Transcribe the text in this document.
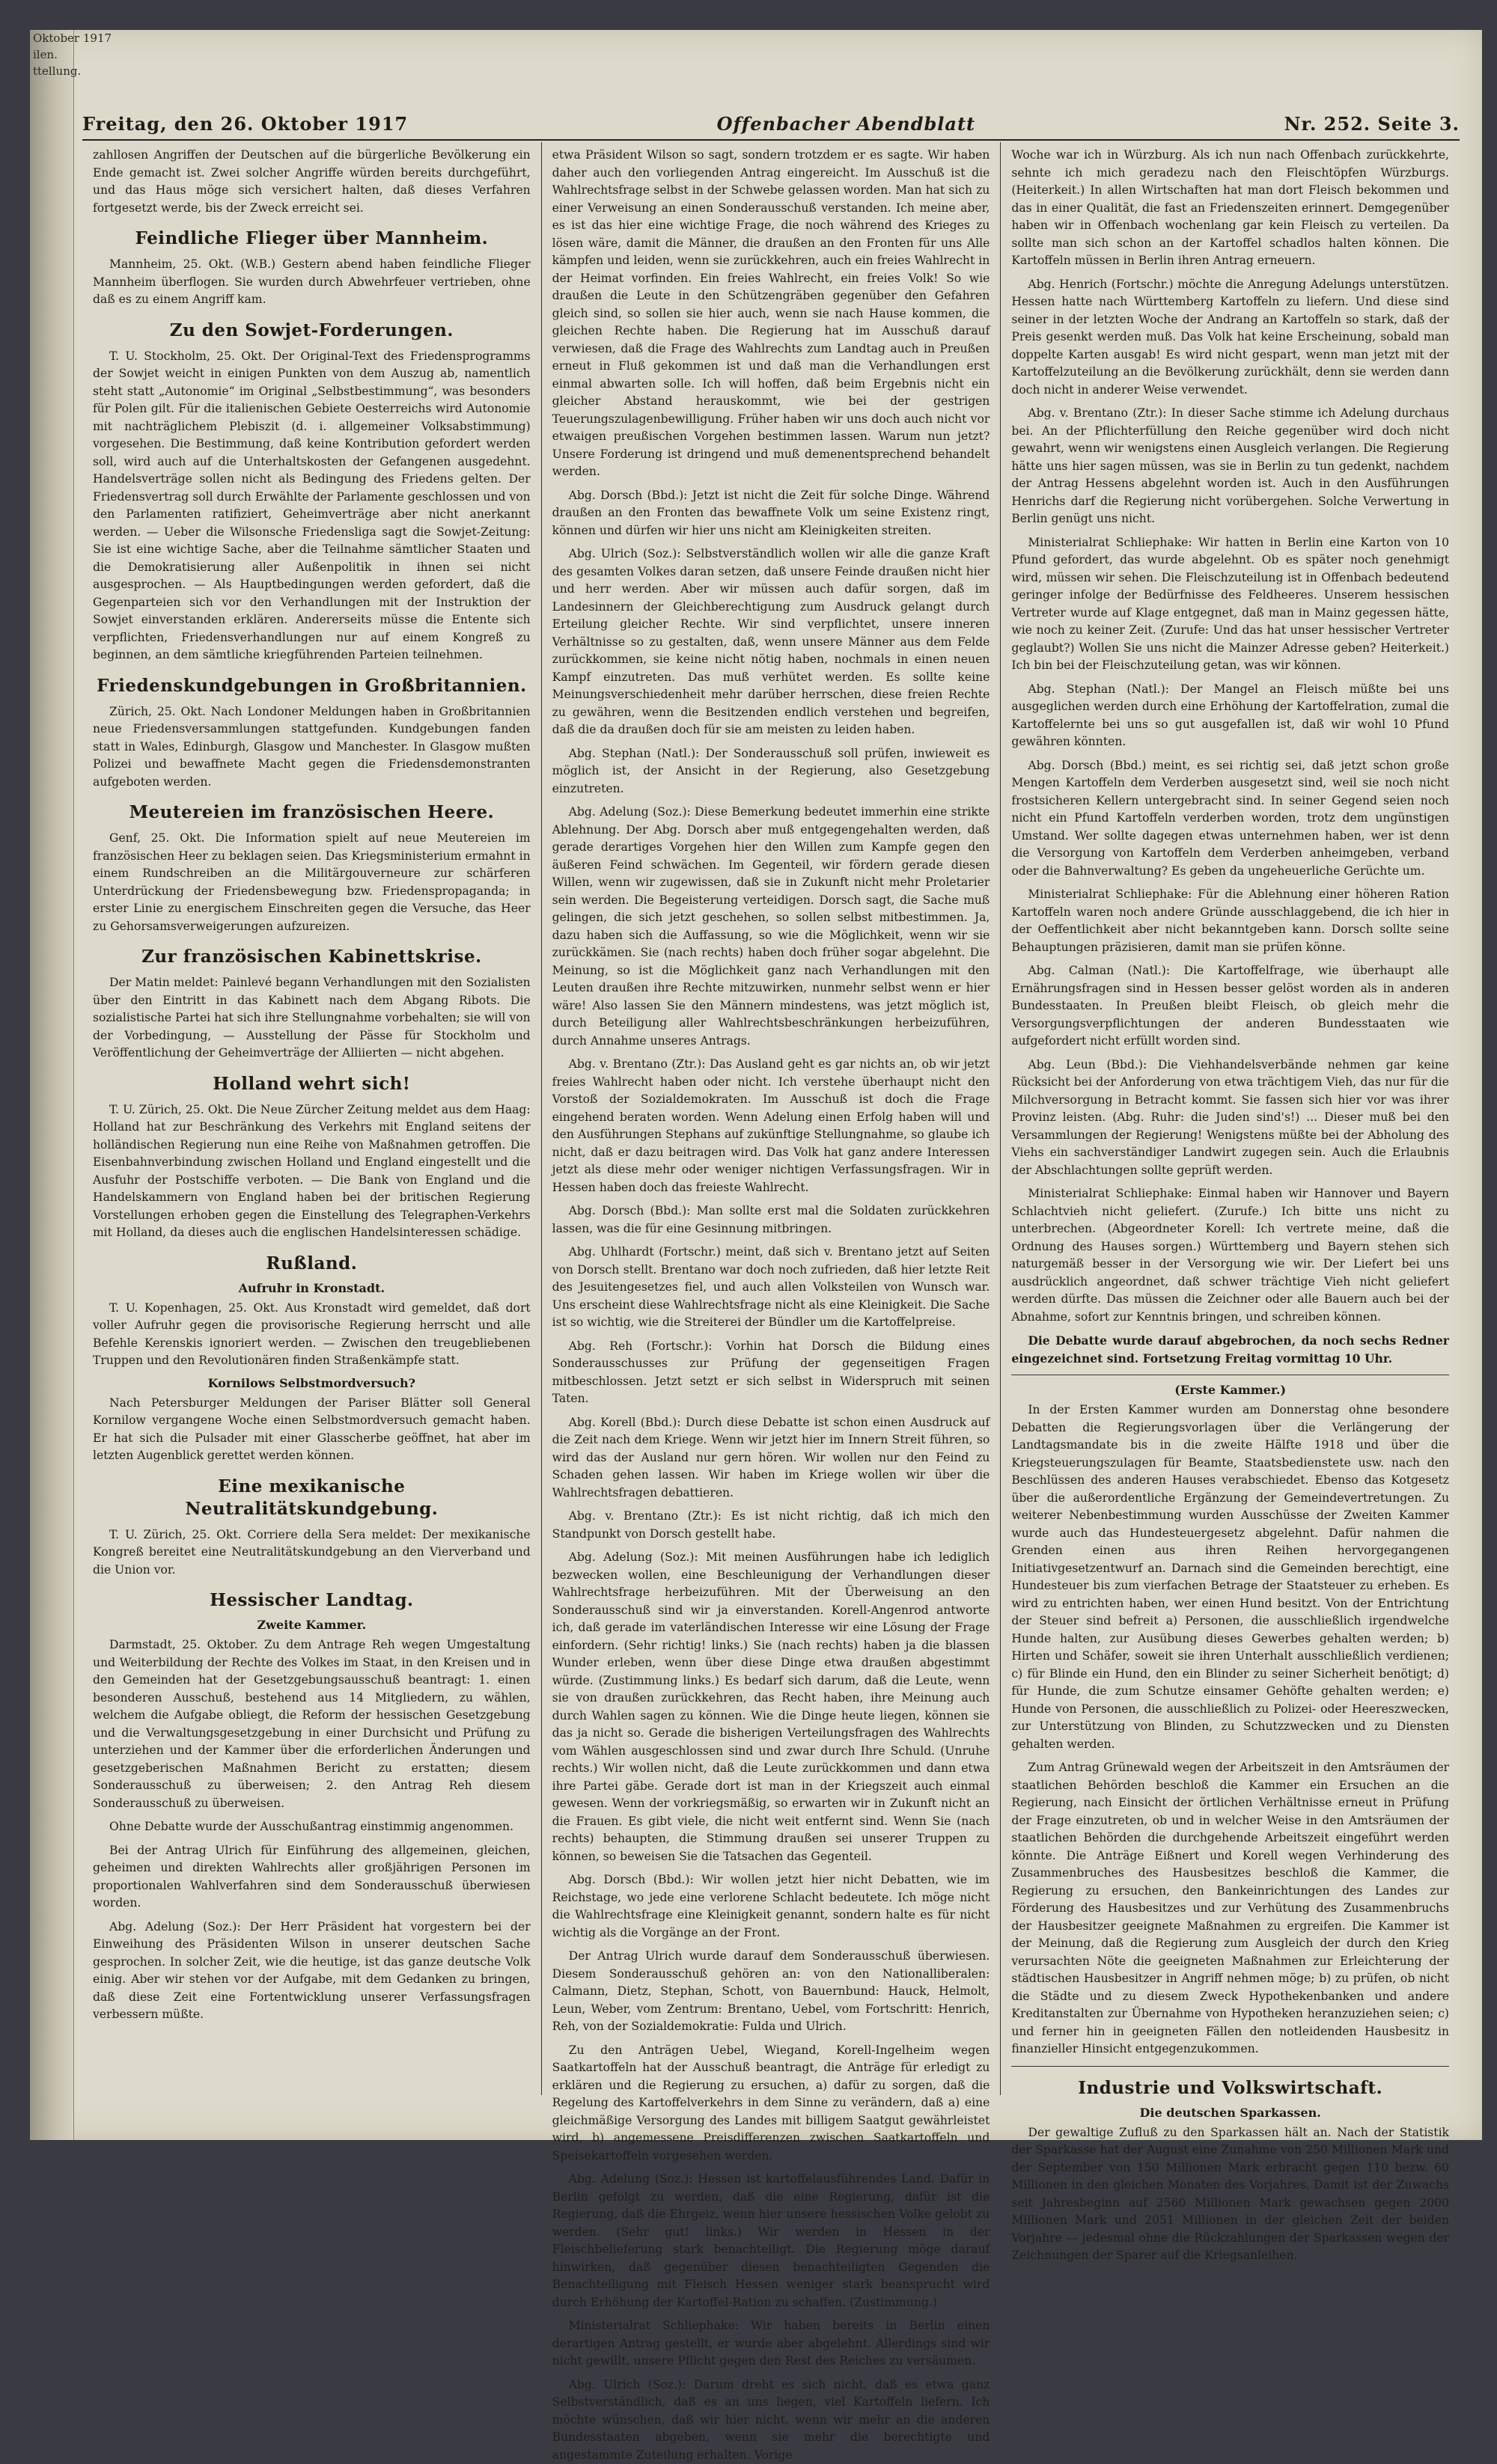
Oktober 1917
ilen.
ttellung.
Freitag, den 26. Oktober 1917	Offenbacher Abendblatt	Nr. 252. Seite 3.

zahllosen Angriffen der Deutschen auf die bürgerliche Bevölkerung ein Ende gemacht ist. Zwei solcher Angriffe würden bereits durchgeführt, und das Haus möge sich versichert halten, daß dieses Verfahren fortgesetzt werde, bis der Zweck erreicht sei.

Feindliche Flieger über Mannheim.

Mannheim, 25. Okt. (W.B.) Gestern abend haben feindliche Flieger Mannheim überflogen. Sie wurden durch Abwehrfeuer vertrieben, ohne daß es zu einem Angriff kam.

Zu den Sowjet-Forderungen.

T. U. Stockholm, 25. Okt. Der Original-Text des Friedensprogramms der Sowjet weicht in einigen Punkten von dem Auszug ab, namentlich steht statt „Autonomie“ im Original „Selbstbestimmung“, was besonders für Polen gilt. Für die italienischen Gebiete Oesterreichs wird Autonomie mit nachträglichem Plebiszit (d. i. allgemeiner Volksabstimmung) vorgesehen. Die Bestimmung, daß keine Kontribution gefordert werden soll, wird auch auf die Unterhaltskosten der Gefangenen ausgedehnt. Handelsverträge sollen nicht als Bedingung des Friedens gelten. Der Friedensvertrag soll durch Erwählte der Parlamente geschlossen und von den Parlamenten ratifiziert, Geheimverträge aber nicht anerkannt werden. — Ueber die Wilsonsche Friedensliga sagt die Sowjet-Zeitung: Sie ist eine wichtige Sache, aber die Teilnahme sämtlicher Staaten und die Demokratisierung aller Außenpolitik in ihnen sei nicht ausgesprochen. — Als Hauptbedingungen werden gefordert, daß die Gegenparteien sich vor den Verhandlungen mit der Instruktion der Sowjet einverstanden erklären. Andererseits müsse die Entente sich verpflichten, Friedensverhandlungen nur auf einem Kongreß zu beginnen, an dem sämtliche kriegführenden Parteien teilnehmen.

Friedenskundgebungen in Großbritannien.

Zürich, 25. Okt. Nach Londoner Meldungen haben in Großbritannien neue Friedensversammlungen stattgefunden. Kundgebungen fanden statt in Wales, Edinburgh, Glasgow und Manchester. In Glasgow mußten Polizei und bewaffnete Macht gegen die Friedensdemonstranten aufgeboten werden.

Meutereien im französischen Heere.

Genf, 25. Okt. Die Information spielt auf neue Meutereien im französischen Heer zu beklagen seien. Das Kriegsministerium ermahnt in einem Rundschreiben an die Militärgouverneure zur schärferen Unterdrückung der Friedensbewegung bzw. Friedenspropaganda; in erster Linie zu energischem Einschreiten gegen die Versuche, das Heer zu Gehorsamsverweigerungen aufzureizen.

Zur französischen Kabinettskrise.

Der Matin meldet: Painlevé begann Verhandlungen mit den Sozialisten über den Eintritt in das Kabinett nach dem Abgang Ribots. Die sozialistische Partei hat sich ihre Stellungnahme vorbehalten; sie will von der Vorbedingung, — Ausstellung der Pässe für Stockholm und Veröffentlichung der Geheimverträge der Alliierten — nicht abgehen.

Holland wehrt sich!

T. U. Zürich, 25. Okt. Die Neue Zürcher Zeitung meldet aus dem Haag: Holland hat zur Beschränkung des Verkehrs mit England seitens der holländischen Regierung nun eine Reihe von Maßnahmen getroffen. Die Eisenbahnverbindung zwischen Holland und England eingestellt und die Ausfuhr der Postschiffe verboten. — Die Bank von England und die Handelskammern von England haben bei der britischen Regierung Vorstellungen erhoben gegen die Einstellung des Telegraphen-Verkehrs mit Holland, da dieses auch die englischen Handelsinteressen schädige.

Rußland.
Aufruhr in Kronstadt.

T. U. Kopenhagen, 25. Okt. Aus Kronstadt wird gemeldet, daß dort voller Aufruhr gegen die provisorische Regierung herrscht und alle Befehle Kerenskis ignoriert werden. — Zwischen den treugebliebenen Truppen und den Revolutionären finden Straßenkämpfe statt.

Kornilows Selbstmordversuch?

Nach Petersburger Meldungen der Pariser Blätter soll General Kornilow vergangene Woche einen Selbstmordversuch gemacht haben. Er hat sich die Pulsader mit einer Glasscherbe geöffnet, hat aber im letzten Augenblick gerettet werden können.

Eine mexikanische Neutralitätskundgebung.

T. U. Zürich, 25. Okt. Corriere della Sera meldet: Der mexikanische Kongreß bereitet eine Neutralitätskundgebung an den Vierverband und die Union vor.

Hessischer Landtag.
Zweite Kammer.

Darmstadt, 25. Oktober. Zu dem Antrage Reh wegen Umgestaltung und Weiterbildung der Rechte des Volkes im Staat, in den Kreisen und in den Gemeinden hat der Gesetzgebungsausschuß beantragt: 1. einen besonderen Ausschuß, bestehend aus 14 Mitgliedern, zu wählen, welchem die Aufgabe obliegt, die Reform der hessischen Gesetzgebung und die Verwaltungsgesetzgebung in einer Durchsicht und Prüfung zu unterziehen und der Kammer über die erforderlichen Änderungen und gesetzgeberischen Maßnahmen Bericht zu erstatten; diesem Sonderausschuß zu überweisen; 2. den Antrag Reh diesem Sonderausschuß zu überweisen.

Ohne Debatte wurde der Ausschußantrag einstimmig angenommen.

Bei der Antrag Ulrich für Einführung des allgemeinen, gleichen, geheimen und direkten Wahlrechts aller großjährigen Personen im proportionalen Wahlverfahren sind dem Sonderausschuß überwiesen worden.

Abg. Adelung (Soz.): Der Herr Präsident hat vorgestern bei der Einweihung des Präsidenten Wilson in unserer deutschen Sache gesprochen. In solcher Zeit, wie die heutige, ist das ganze deutsche Volk einig. Aber wir stehen vor der Aufgabe, mit dem Gedanken zu bringen, daß diese Zeit eine Fortentwicklung unserer Verfassungsfragen verbessern müßte.

etwa Präsident Wilson so sagt, sondern trotzdem er es sagte. Wir haben daher auch den vorliegenden Antrag eingereicht. Im Ausschuß ist die Wahlrechtsfrage selbst in der Schwebe gelassen worden. Man hat sich zu einer Verweisung an einen Sonderausschuß verstanden. Ich meine aber, es ist das hier eine wichtige Frage, die noch während des Krieges zu lösen wäre, damit die Männer, die draußen an den Fronten für uns Alle kämpfen und leiden, wenn sie zurückkehren, auch ein freies Wahlrecht in der Heimat vorfinden. Ein freies Wahlrecht, ein freies Volk! So wie draußen die Leute in den Schützengräben gegenüber den Gefahren gleich sind, so sollen sie hier auch, wenn sie nach Hause kommen, die gleichen Rechte haben. Die Regierung hat im Ausschuß darauf verwiesen, daß die Frage des Wahlrechts zum Landtag auch in Preußen erneut in Fluß gekommen ist und daß man die Verhandlungen erst einmal abwarten solle. Ich will hoffen, daß beim Ergebnis nicht ein gleicher Abstand herauskommt, wie bei der gestrigen Teuerungszulagenbewilligung. Früher haben wir uns doch auch nicht vor etwaigen preußischen Vorgehen bestimmen lassen. Warum nun jetzt? Unsere Forderung ist dringend und muß demenentsprechend behandelt werden.

Abg. Dorsch (Bbd.): Jetzt ist nicht die Zeit für solche Dinge. Während draußen an den Fronten das bewaffnete Volk um seine Existenz ringt, können und dürfen wir hier uns nicht am Kleinigkeiten streiten.

Abg. Ulrich (Soz.): Selbstverständlich wollen wir alle die ganze Kraft des gesamten Volkes daran setzen, daß unsere Feinde draußen nicht hier und herr werden. Aber wir müssen auch dafür sorgen, daß im Landesinnern der Gleichberechtigung zum Ausdruck gelangt durch Erteilung gleicher Rechte. Wir sind verpflichtet, unsere inneren Verhältnisse so zu gestalten, daß, wenn unsere Männer aus dem Felde zurückkommen, sie keine nicht nötig haben, nochmals in einen neuen Kampf einzutreten. Das muß verhütet werden. Es sollte keine Meinungsverschiedenheit mehr darüber herrschen, diese freien Rechte zu gewähren, wenn die Besitzenden endlich verstehen und begreifen, daß die da draußen doch für sie am meisten zu leiden haben.

Abg. Stephan (Natl.): Der Sonderausschuß soll prüfen, inwieweit es möglich ist, der Ansicht in der Regierung, also Gesetzgebung einzutreten.

Abg. Adelung (Soz.): Diese Bemerkung bedeutet immerhin eine strikte Ablehnung. Der Abg. Dorsch aber muß entgegengehalten werden, daß gerade derartiges Vorgehen hier den Willen zum Kampfe gegen den äußeren Feind schwächen. Im Gegenteil, wir fördern gerade diesen Willen, wenn wir zugewissen, daß sie in Zukunft nicht mehr Proletarier sein werden. Die Begeisterung verteidigen. Dorsch sagt, die Sache muß gelingen, die sich jetzt geschehen, so sollen selbst mitbestimmen. Ja, dazu haben sich die Auffassung, so wie die Möglichkeit, wenn wir sie zurückkämen. Sie (nach rechts) haben doch früher sogar abgelehnt. Die Meinung, so ist die Möglichkeit ganz nach Verhandlungen mit den Leuten draußen ihre Rechte mitzuwirken, nunmehr selbst wenn er hier wäre! Also lassen Sie den Männern mindestens, was jetzt möglich ist, durch Beteiligung aller Wahlrechtsbeschränkungen herbeizuführen, durch Annahme unseres Antrags.

Abg. v. Brentano (Ztr.): Das Ausland geht es gar nichts an, ob wir jetzt freies Wahlrecht haben oder nicht. Ich verstehe überhaupt nicht den Vorstoß der Sozialdemokraten. Im Ausschuß ist doch die Frage eingehend beraten worden. Wenn Adelung einen Erfolg haben will und den Ausführungen Stephans auf zukünftige Stellungnahme, so glaube ich nicht, daß er dazu beitragen wird. Das Volk hat ganz andere Interessen jetzt als diese mehr oder weniger nichtigen Verfassungsfragen. Wir in Hessen haben doch das freieste Wahlrecht.

Abg. Dorsch (Bbd.): Man sollte erst mal die Soldaten zurückkehren lassen, was die für eine Gesinnung mitbringen.

Abg. Uhlhardt (Fortschr.) meint, daß sich v. Brentano jetzt auf Seiten von Dorsch stellt. Brentano war doch noch zufrieden, daß hier letzte Reit des Jesuitengesetzes fiel, und auch allen Volksteilen von Wunsch war. Uns erscheint diese Wahlrechtsfrage nicht als eine Kleinigkeit. Die Sache ist so wichtig, wie die Streiterei der Bündler um die Kartoffelpreise.

Abg. Reh (Fortschr.): Vorhin hat Dorsch die Bildung eines Sonderausschusses zur Prüfung der gegenseitigen Fragen mitbeschlossen. Jetzt setzt er sich selbst in Widerspruch mit seinen Taten.

Abg. Korell (Bbd.): Durch diese Debatte ist schon einen Ausdruck auf die Zeit nach dem Kriege. Wenn wir jetzt hier im Innern Streit führen, so wird das der Ausland nur gern hören. Wir wollen nur den Feind zu Schaden gehen lassen. Wir haben im Kriege wollen wir über die Wahlrechtsfragen debattieren.

Abg. v. Brentano (Ztr.): Es ist nicht richtig, daß ich mich den Standpunkt von Dorsch gestellt habe.

Abg. Adelung (Soz.): Mit meinen Ausführungen habe ich lediglich bezwecken wollen, eine Beschleunigung der Verhandlungen dieser Wahlrechtsfrage herbeizuführen. Mit der Überweisung an den Sonderausschuß sind wir ja einverstanden. Korell-Angenrod antworte ich, daß gerade im vaterländischen Interesse wir eine Lösung der Frage einfordern. (Sehr richtig! links.) Sie (nach rechts) haben ja die blassen Wunder erleben, wenn über diese Dinge etwa draußen abgestimmt würde. (Zustimmung links.) Es bedarf sich darum, daß die Leute, wenn sie von draußen zurückkehren, das Recht haben, ihre Meinung auch durch Wahlen sagen zu können. Wie die Dinge heute liegen, können sie das ja nicht so. Gerade die bisherigen Verteilungsfragen des Wahlrechts vom Wählen ausgeschlossen sind und zwar durch Ihre Schuld. (Unruhe rechts.) Wir wollen nicht, daß die Leute zurückkommen und dann etwa ihre Partei gäbe. Gerade dort ist man in der Kriegszeit auch einmal gewesen. Wenn der vorkriegsmäßig, so erwarten wir in Zukunft nicht an die Frauen. Es gibt viele, die nicht weit entfernt sind. Wenn Sie (nach rechts) behaupten, die Stimmung draußen sei unserer Truppen zu können, so beweisen Sie die Tatsachen das Gegenteil.

Abg. Dorsch (Bbd.): Wir wollen jetzt hier nicht Debatten, wie im Reichstage, wo jede eine verlorene Schlacht bedeutete. Ich möge nicht die Wahlrechtsfrage eine Kleinigkeit genannt, sondern halte es für nicht wichtig als die Vorgänge an der Front.

Der Antrag Ulrich wurde darauf dem Sonderausschuß überwiesen. Diesem Sonderausschuß gehören an: von den Nationalliberalen: Calmann, Dietz, Stephan, Schott, von Bauernbund: Hauck, Helmolt, Leun, Weber, vom Zentrum: Brentano, Uebel, vom Fortschritt: Henrich, Reh, von der Sozialdemokratie: Fulda und Ulrich.

Zu den Anträgen Uebel, Wiegand, Korell-Ingelheim wegen Saatkartoffeln hat der Ausschuß beantragt, die Anträge für erledigt zu erklären und die Regierung zu ersuchen, a) dafür zu sorgen, daß die Regelung des Kartoffelverkehrs in dem Sinne zu verändern, daß a) eine gleichmäßige Versorgung des Landes mit billigem Saatgut gewährleistet wird, b) angemessene Preisdifferenzen zwischen Saatkartoffeln und Speisekartoffeln vorgesehen werden.

Abg. Adelung (Soz.): Hessen ist kartoffelausführendes Land. Dafür in Berlin gefolgt zu werden, daß die eine Regierung, dafür ist die Regierung, daß die Ehrgeiz, wenn hier unsere hessischen Volke gelobt zu werden. (Sehr gut! links.) Wir werden in Hessen in der Fleischbelieferung stark benachteiligt. Die Regierung möge darauf hinwirken, daß gegenüber diesen benachteiligten Gegenden die Benachteiligung mit Fleisch Hessen weniger stark beansprucht wird durch Erhöhung der Kartoffel-Ration zu schaffen. (Zustimmung.)

Ministerialrat Schliephake: Wir haben bereits in Berlin einen derartigen Antrag gestellt, er wurde aber abgelehnt. Allerdings sind wir nicht gewillt, unsere Pflicht gegen den Rest des Reiches zu versäumen.

Abg. Ulrich (Soz.): Darum dreht es sich nicht, daß es etwa ganz Selbstverständlich, daß es an uns liegen, viel Kartoffeln liefern. Ich möchte wünschen, daß wir hier nicht, wenn wir mehr an die anderen Bundesstaaten abgeben, wenn sie mehr die berechtigte und angestammte Zuteilung erhalten. Vorige

Woche war ich in Würzburg. Als ich nun nach Offenbach zurückkehrte, sehnte ich mich geradezu nach den Fleischtöpfen Würzburgs. (Heiterkeit.) In allen Wirtschaften hat man dort Fleisch bekommen und das in einer Qualität, die fast an Friedenszeiten erinnert. Demgegenüber haben wir in Offenbach wochenlang gar kein Fleisch zu verteilen. Da sollte man sich schon an der Kartoffel schadlos halten können. Die Kartoffeln müssen in Berlin ihren Antrag erneuern.

Abg. Henrich (Fortschr.) möchte die Anregung Adelungs unterstützen. Hessen hatte nach Württemberg Kartoffeln zu liefern. Und diese sind seiner in der letzten Woche der Andrang an Kartoffeln so stark, daß der Preis gesenkt werden muß. Das Volk hat keine Erscheinung, sobald man doppelte Karten ausgab! Es wird nicht gespart, wenn man jetzt mit der Kartoffelzuteilung an die Bevölkerung zurückhält, denn sie werden dann doch nicht in anderer Weise verwendet.

Abg. v. Brentano (Ztr.): In dieser Sache stimme ich Adelung durchaus bei. An der Pflichterfüllung den Reiche gegenüber wird doch nicht gewahrt, wenn wir wenigstens einen Ausgleich verlangen. Die Regierung hätte uns hier sagen müssen, was sie in Berlin zu tun gedenkt, nachdem der Antrag Hessens abgelehnt worden ist. Auch in den Ausführungen Henrichs darf die Regierung nicht vorübergehen. Solche Verwertung in Berlin genügt uns nicht.

Ministerialrat Schliephake: Wir hatten in Berlin eine Karton von 10 Pfund gefordert, das wurde abgelehnt. Ob es später noch genehmigt wird, müssen wir sehen. Die Fleischzuteilung ist in Offenbach bedeutend geringer infolge der Bedürfnisse des Feldheeres. Unserem hessischen Vertreter wurde auf Klage entgegnet, daß man in Mainz gegessen hätte, wie noch zu keiner Zeit. (Zurufe: Und das hat unser hessischer Vertreter geglaubt?) Wollen Sie uns nicht die Mainzer Adresse geben? Heiterkeit.) Ich bin bei der Fleischzuteilung getan, was wir können.

Abg. Stephan (Natl.): Der Mangel an Fleisch müßte bei uns ausgeglichen werden durch eine Erhöhung der Kartoffelration, zumal die Kartoffelernte bei uns so gut ausgefallen ist, daß wir wohl 10 Pfund gewähren könnten.

Abg. Dorsch (Bbd.) meint, es sei richtig sei, daß jetzt schon große Mengen Kartoffeln dem Verderben ausgesetzt sind, weil sie noch nicht frostsicheren Kellern untergebracht sind. In seiner Gegend seien noch nicht ein Pfund Kartoffeln verderben worden, trotz dem ungünstigen Umstand. Wer sollte dagegen etwas unternehmen haben, wer ist denn die Versorgung von Kartoffeln dem Verderben anheimgeben, verband oder die Bahnverwaltung? Es geben da ungeheuerliche Gerüchte um.

Ministerialrat Schliephake: Für die Ablehnung einer höheren Ration Kartoffeln waren noch andere Gründe ausschlaggebend, die ich hier in der Oeffentlichkeit aber nicht bekanntgeben kann. Dorsch sollte seine Behauptungen präzisieren, damit man sie prüfen könne.

Abg. Calman (Natl.): Die Kartoffelfrage, wie überhaupt alle Ernährungsfragen sind in Hessen besser gelöst worden als in anderen Bundesstaaten. In Preußen bleibt Fleisch, ob gleich mehr die Versorgungsverpflichtungen der anderen Bundesstaaten wie aufgefordert nicht erfüllt worden sind.

Abg. Leun (Bbd.): Die Viehhandelsverbände nehmen gar keine Rücksicht bei der Anforderung von etwa trächtigem Vieh, das nur für die Milchversorgung in Betracht kommt. Sie fassen sich hier vor was ihrer Provinz leisten. (Abg. Ruhr: die Juden sind's!) ... Dieser muß bei den Versammlungen der Regierung! Wenigstens müßte bei der Abholung des Viehs ein sachverständiger Landwirt zugegen sein. Auch die Erlaubnis der Abschlachtungen sollte geprüft werden.

Ministerialrat Schliephake: Einmal haben wir Hannover und Bayern Schlachtvieh nicht geliefert. (Zurufe.) Ich bitte uns nicht zu unterbrechen. (Abgeordneter Korell: Ich vertrete meine, daß die Ordnung des Hauses sorgen.) Württemberg und Bayern stehen sich naturgemäß besser in der Versorgung wie wir. Der Liefert bei uns ausdrücklich angeordnet, daß schwer trächtige Vieh nicht geliefert werden dürfte. Das müssen die Zeichner oder alle Bauern auch bei der Abnahme, sofort zur Kenntnis bringen, und schreiben können.

Die Debatte wurde darauf abgebrochen, da noch sechs Redner eingezeichnet sind. Fortsetzung Freitag vormittag 10 Uhr.

(Erste Kammer.)

In der Ersten Kammer wurden am Donnerstag ohne besondere Debatten die Regierungsvorlagen über die Verlängerung der Landtagsmandate bis in die zweite Hälfte 1918 und über die Kriegsteuerungszulagen für Beamte, Staatsbedienstete usw. nach den Beschlüssen des anderen Hauses verabschiedet. Ebenso das Kotgesetz über die außerordentliche Ergänzung der Gemeindevertretungen. Zu weiterer Nebenbestimmung wurden Ausschüsse der Zweiten Kammer wurde auch das Hundesteuergesetz abgelehnt. Dafür nahmen die Grenden einen aus ihren Reihen hervorgegangenen Initiativgesetzentwurf an. Darnach sind die Gemeinden berechtigt, eine Hundesteuer bis zum vierfachen Betrage der Staatsteuer zu erheben. Es wird zu entrichten haben, wer einen Hund besitzt. Von der Entrichtung der Steuer sind befreit a) Personen, die ausschließlich irgendwelche Hunde halten, zur Ausübung dieses Gewerbes gehalten werden; b) Hirten und Schäfer, soweit sie ihren Unterhalt ausschließlich verdienen; c) für Blinde ein Hund, den ein Blinder zu seiner Sicherheit benötigt; d) für Hunde, die zum Schutze einsamer Gehöfte gehalten werden; e) Hunde von Personen, die ausschließlich zu Polizei- oder Heereszwecken, zur Unterstützung von Blinden, zu Schutzzwecken und zu Diensten gehalten werden.

Zum Antrag Grünewald wegen der Arbeitszeit in den Amtsräumen der staatlichen Behörden beschloß die Kammer ein Ersuchen an die Regierung, nach Einsicht der örtlichen Verhältnisse erneut in Prüfung der Frage einzutreten, ob und in welcher Weise in den Amtsräumen der staatlichen Behörden die durchgehende Arbeitszeit eingeführt werden könnte. Die Anträge Eißnert und Korell wegen Verhinderung des Zusammenbruches des Hausbesitzes beschloß die Kammer, die Regierung zu ersuchen, den Bankeinrichtungen des Landes zur Förderung des Hausbesitzes und zur Verhütung des Zusammenbruchs der Hausbesitzer geeignete Maßnahmen zu ergreifen. Die Kammer ist der Meinung, daß die Regierung zum Ausgleich der durch den Krieg verursachten Nöte die geeigneten Maßnahmen zur Erleichterung der städtischen Hausbesitzer in Angriff nehmen möge; b) zu prüfen, ob nicht die Städte und zu diesem Zweck Hypothekenbanken und andere Kreditanstalten zur Übernahme von Hypotheken heranzuziehen seien; c) und ferner hin in geeigneten Fällen den notleidenden Hausbesitz in finanzieller Hinsicht entgegenzukommen.

Industrie und Volkswirtschaft.
Die deutschen Sparkassen.

Der gewaltige Zufluß zu den Sparkassen hält an. Nach der Statistik der Sparkasse hat der August eine Zunahme von 250 Millionen Mark und der September von 150 Millionen Mark erbracht gegen 110 bezw. 60 Millionen in den gleichen Monaten des Vorjahres. Damit ist der Zuwachs seit Jahresbeginn auf 2560 Millionen Mark gewachsen gegen 2000 Millionen Mark und 2051 Millionen in der gleichen Zeit der beiden Vorjahre — jedesmal ohne die Rückzahlungen der Sparkassen wegen der Zeichnungen der Sparer auf die Kriegsanleihen.
